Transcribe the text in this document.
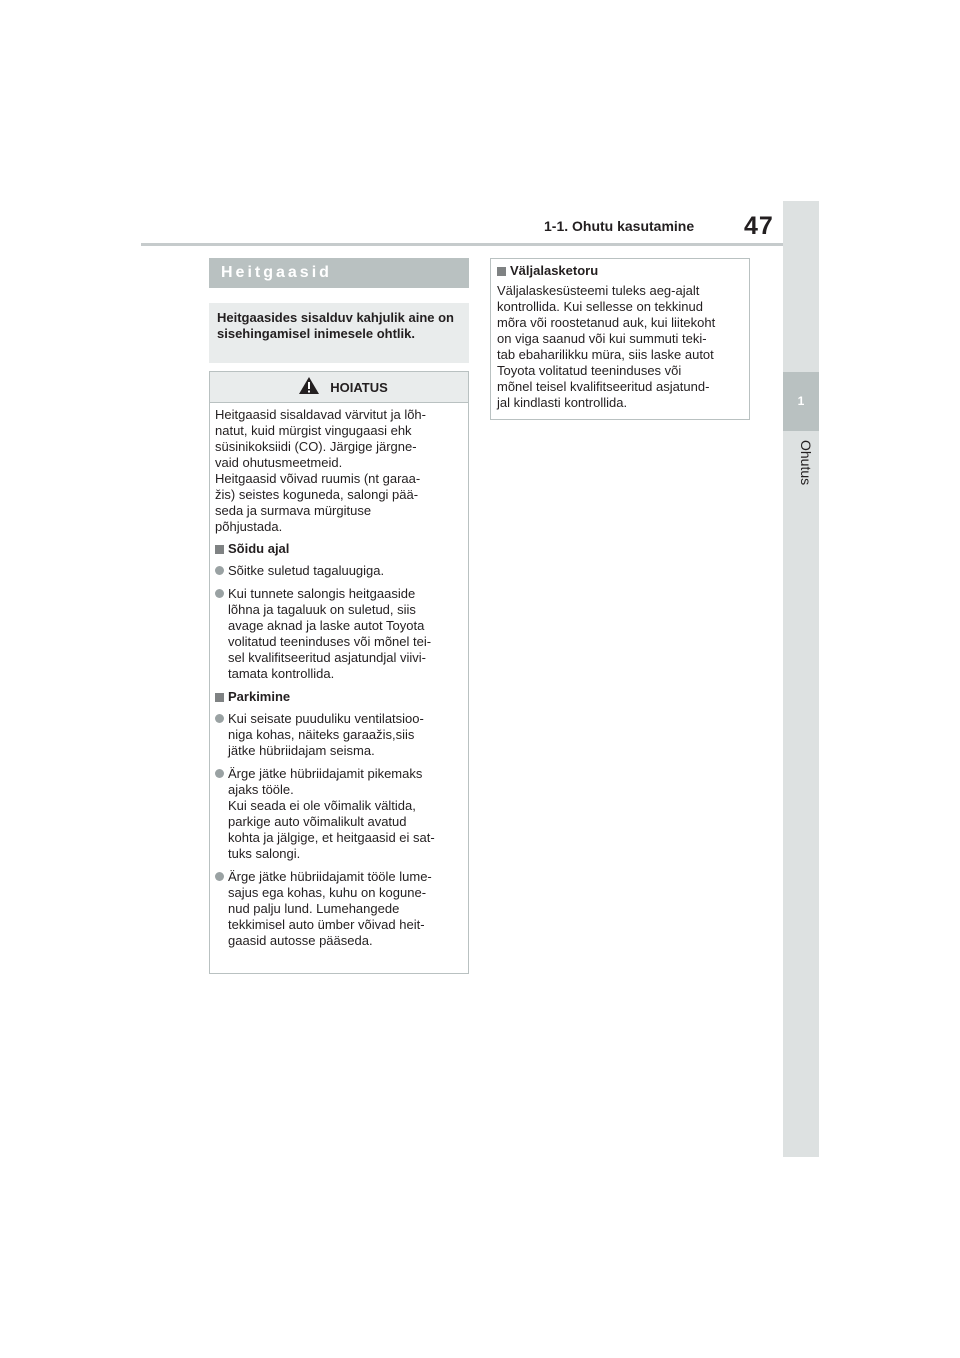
1-1. Ohutu kasutamine 47
1
Ohutus
Heitgaasid
Heitgaasides sisalduv kahjulik aine on sisehingamisel inimesele ohtlik.
HOIATUS

Heitgaasid sisaldavad värvitut ja lõh-
natut, kuid mürgist vingugaasi ehk
süsinikoksiidi (CO). Järgige järgne-
vaid ohutusmeetmeid.
Heitgaasid võivad ruumis (nt garaa-
žis) seistes koguneda, salongi pää-
seda ja surmava mürgituse
põhjustada.

Sõidu ajal
Sõitke suletud tagaluugiga.
Kui tunnete salongis heitgaaside
lõhna ja tagaluuk on suletud, siis
avage aknad ja laske autot Toyota
volitatud teeninduses või mõnel tei-
sel kvalifitseeritud asjatundjal viivi-
tamata kontrollida.
Parkimine
Kui seisate puuduliku ventilatsioo-
niga kohas, näiteks garaažis,siis
jätke hübriidajam seisma.
Ärge jätke hübriidajamit pikemaks
ajaks tööle.
Kui seada ei ole võimalik vältida,
parkige auto võimalikult avatud
kohta ja jälgige, et heitgaasid ei sat-
tuks salongi.
Ärge jätke hübriidajamit tööle lume-
sajus ega kohas, kuhu on kogune-
nud palju lund. Lumehangede
tekkimisel auto ümber võivad heit-
gaasid autosse pääseda.
Väljalasketoru

Väljalaskesüsteemi tuleks aeg-ajalt
kontrollida. Kui sellesse on tekkinud
mõra või roostetanud auk, kui liitekoht
on viga saanud või kui summuti teki-
tab ebaharilikku müra, siis laske autot
Toyota volitatud teeninduses või
mõnel teisel kvalifitseeritud asjatund-
jal kindlasti kontrollida.
